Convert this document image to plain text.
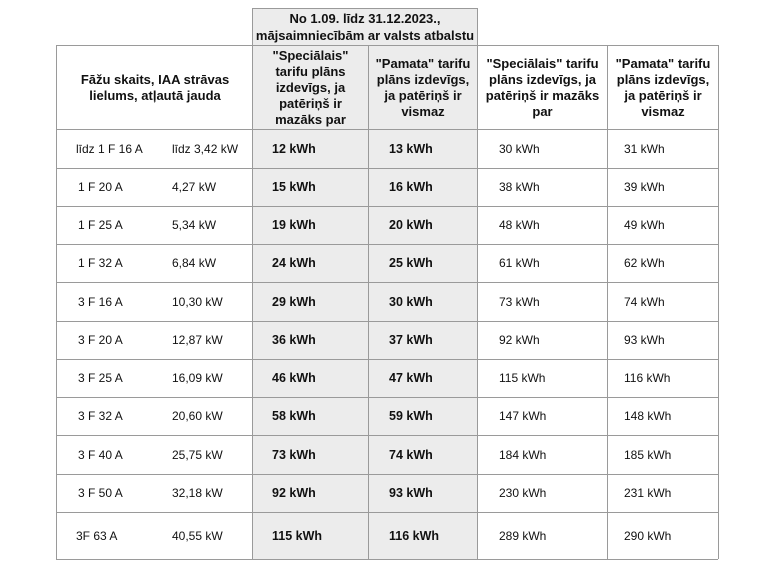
No 1.09. līdz 31.12.2023., mājsaimniecībām ar valsts atbalstu
Fāžu skaits, IAA strāvas lielums, atļautā jauda
"Speciālais" tarifu plāns izdevīgs, ja patēriņš ir mazāks par
"Pamata" tarifu plāns izdevīgs, ja patēriņš ir vismaz
"Speciālais" tarifu plāns izdevīgs, ja patēriņš ir mazāks par
"Pamata" tarifu plāns izdevīgs, ja patēriņš ir vismaz
līdz 1 F 16 A	līdz 3,42 kW	12 kWh	13 kWh	30 kWh	31 kWh
1 F 20 A	4,27 kW	15 kWh	16 kWh	38 kWh	39 kWh
1 F 25 A	5,34 kW	19 kWh	20 kWh	48 kWh	49 kWh
1 F 32 A	6,84 kW	24 kWh	25 kWh	61 kWh	62 kWh
3 F 16 A	10,30 kW	29 kWh	30 kWh	73 kWh	74 kWh
3 F 20 A	12,87 kW	36 kWh	37 kWh	92 kWh	93 kWh
3 F 25 A	16,09 kW	46 kWh	47 kWh	115 kWh	116 kWh
3 F 32 A	20,60 kW	58 kWh	59 kWh	147 kWh	148 kWh
3 F 40 A	25,75 kW	73 kWh	74 kWh	184 kWh	185 kWh
3 F 50 A	32,18 kW	92 kWh	93 kWh	230 kWh	231 kWh
3F 63 A	40,55 kW	115 kWh	116 kWh	289 kWh	290 kWh
